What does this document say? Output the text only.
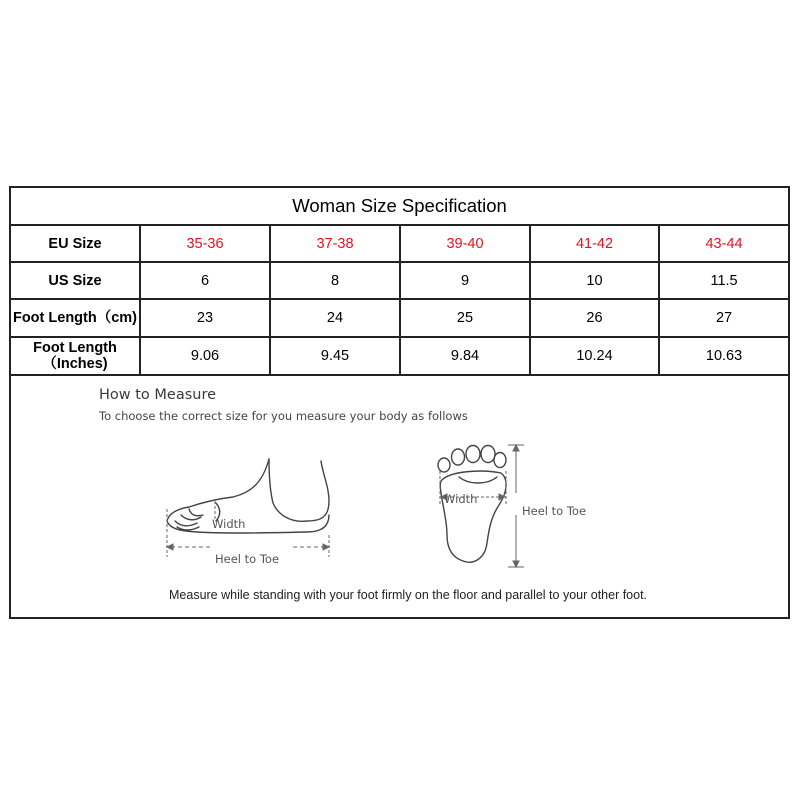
Woman Size Specification					
EU Size	35-36	37-38	39-40	41-42	43-44
US Size	6	8	9	10	11.5
Foot Length（cm)	23	24	25	26	27

Foot Length
（Inches)	9.06	9.45	9.84	10.24	10.63
How to Measure
To choose the correct size for you measure your body as follows
Width
Heel to Toe
Width
Heel to Toe
Measure while standing with your foot firmly on the floor and parallel to your other foot.
